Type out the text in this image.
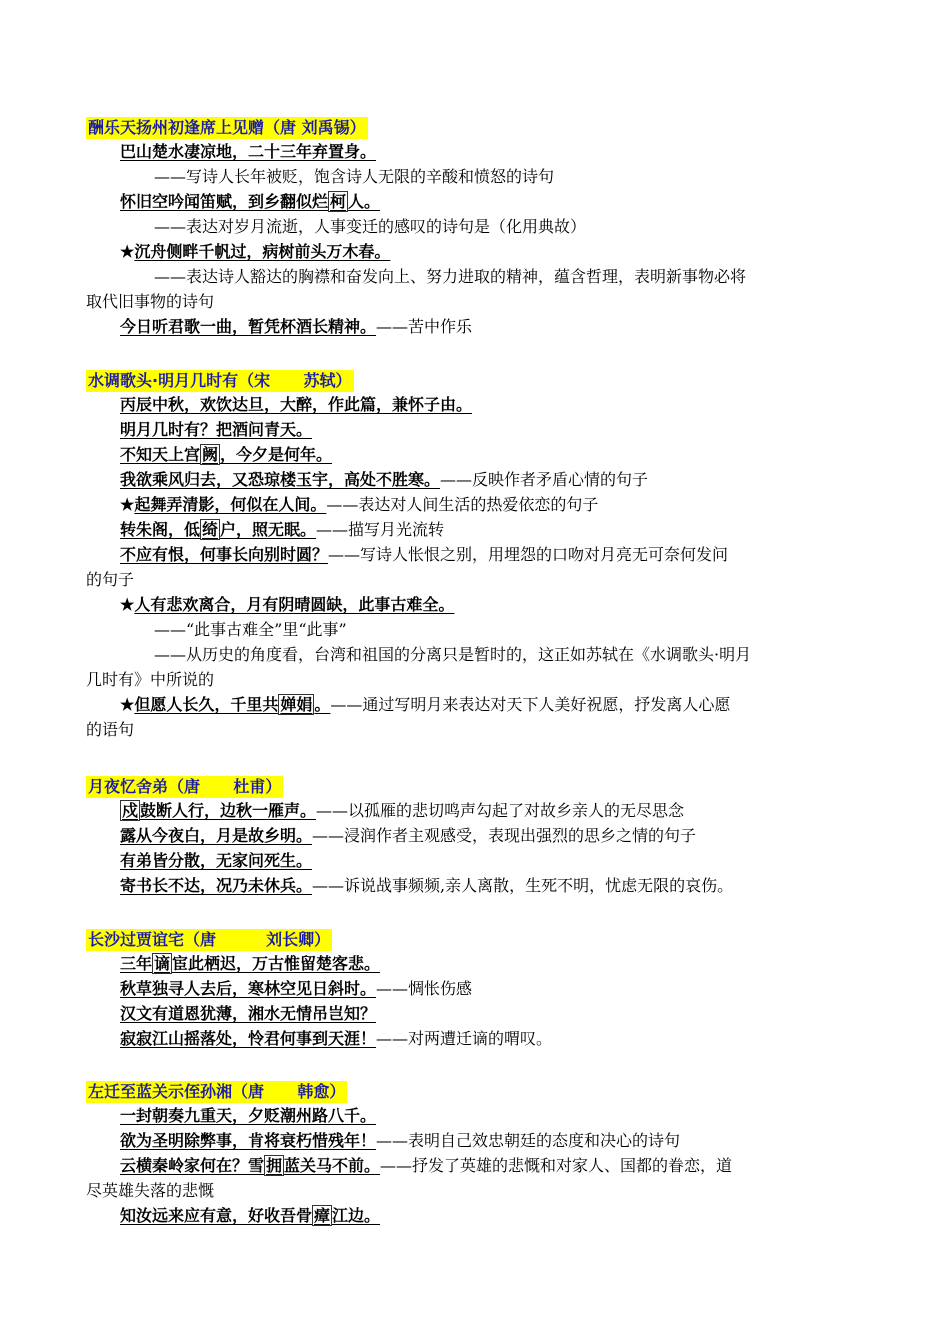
酬乐天扬州初逢席上见赠（唐 刘禹锡）
巴山楚水凄凉地，二十三年弃置身。
——写诗人长年被贬，饱含诗人无限的辛酸和愤怒的诗句
怀旧空吟闻笛赋，到乡翻似烂 柯 人。
——表达对岁月流逝，人事变迁的感叹的诗句是（化用典故）
★沉舟侧畔千帆过，病树前头万木春。
——表达诗人豁达的胸襟和奋发向上、努力进取的精神，蕴含哲理，表明新事物必将
取代旧事物的诗句
今日听君歌一曲，暂凭杯酒长精神。——苦中作乐
水调歌头·明月几时有（宋      苏轼）
丙辰中秋，欢饮达旦，大醉，作此篇，兼怀子由。
明月几时有？把酒问青天。
不知天上宫 阙 ，今夕是何年。
我欲乘风归去，又恐琼楼玉宇，高处不胜寒。——反映作者矛盾心情的句子
★起舞弄清影，何似在人间。——表达对人间生活的热爱依恋的句子
转朱阁，低 绮 户，照无眠。——描写月光流转
不应有恨，何事长向别时圆？——写诗人怅恨之别，用埋怨的口吻对月亮无可奈何发问
的句子
★人有悲欢离合，月有阴晴圆缺，此事古难全。
——“此事古难全”里“此事”
——从历史的角度看，台湾和祖国的分离只是暂时的，这正如苏轼在《水调歌头·明月
几时有》中所说的
★但愿人长久，千里共 婵娟 。——通过写明月来表达对天下人美好祝愿，抒发离人心愿
的语句
月夜忆舍弟（唐      杜甫）
戍 鼓断人行，边秋一雁声。——以孤雁的悲切鸣声勾起了对故乡亲人的无尽思念
露从今夜白，月是故乡明。——浸润作者主观感受，表现出强烈的思乡之情的句子
有弟皆分散，无家问死生。
寄书长不达，况乃未休兵。——诉说战事频频,亲人离散，生死不明，忧虑无限的哀伤。
长沙过贾谊宅（唐         刘长卿）
三年 谪 宦此栖迟，万古惟留楚客悲。
秋草独寻人去后，寒林空见日斜时。——惆怅伤感
汉文有道恩犹薄，湘水无情吊岂知？
寂寂江山摇落处，怜君何事到天涯！——对两遭迁谪的喟叹。
左迁至蓝关示侄孙湘（唐      韩愈）
一封朝奏九重天，夕贬潮州路八千。
欲为圣明除弊事，肯将衰朽惜残年！——表明自己效忠朝廷的态度和决心的诗句
云横秦岭家何在？雪 拥 蓝关马不前。——抒发了英雄的悲慨和对家人、国都的眷恋，道
尽英雄失落的悲慨
知汝远来应有意，好收吾骨 瘴 江边。
